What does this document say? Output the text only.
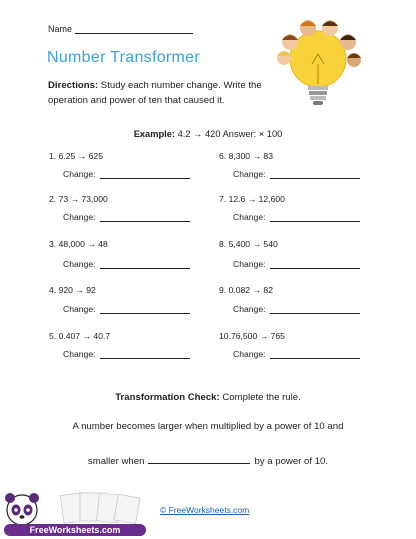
Name
Number Transformer
Directions: Study each number change. Write the operation and power of ten that caused it.
Example: 4.2 → 420 Answer: × 100
1. 6.25 → 625
Change:
2. 73 → 73,000
Change:
3. 48,000 → 48
Change:
4. 920 → 92
Change:
5. 0.407 → 40.7
Change:
6. 8,300 → 83
Change:
7. 12.6 → 12,600
Change:
8. 5,400 → 540
Change:
9. 0.082 → 82
Change:
10.76,500 → 765
Change:
Transformation Check: Complete the rule.
A number becomes larger when multiplied by a power of 10 and
smaller when	by a power of 10.
FreeWorksheets.com
© FreeWorksheets.com
